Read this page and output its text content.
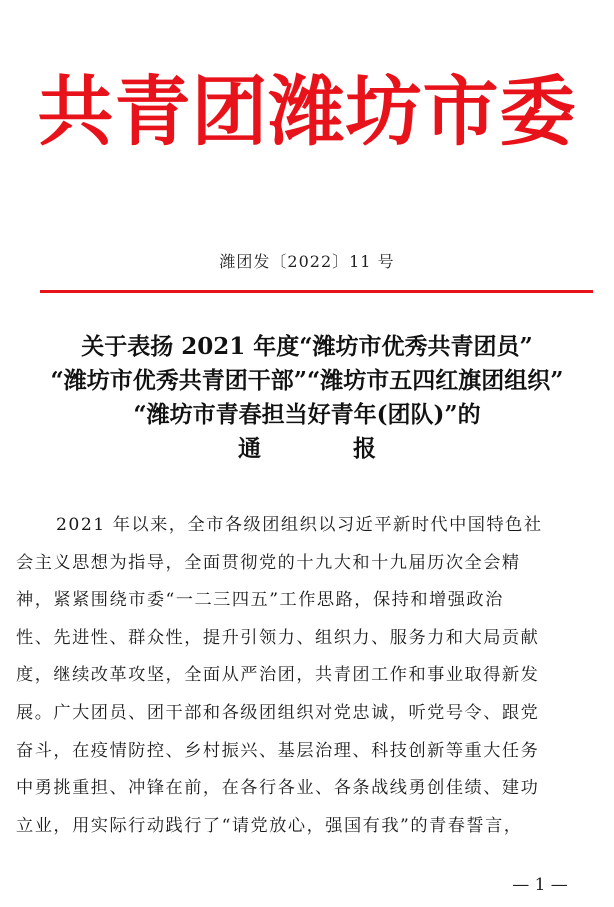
共青团潍坊市委
潍团发〔2022〕11 号
关于表扬 2021 年度“潍坊市优秀共青团员”
“潍坊市优秀共青团干部”“潍坊市五四红旗团组织”
“潍坊市青春担当好青年(团队)”的
通报
2021 年以来，全市各级团组织以习近平新时代中国特色社
会主义思想为指导，全面贯彻党的十九大和十九届历次全会精
神，紧紧围绕市委“一二三四五”工作思路，保持和增强政治
性、先进性、群众性，提升引领力、组织力、服务力和大局贡献
度，继续改革攻坚，全面从严治团，共青团工作和事业取得新发
展。广大团员、团干部和各级团组织对党忠诚，听党号令、跟党
奋斗，在疫情防控、乡村振兴、基层治理、科技创新等重大任务
中勇挑重担、冲锋在前，在各行各业、各条战线勇创佳绩、建功
立业，用实际行动践行了“请党放心，强国有我”的青春誓言，
— 1 —
